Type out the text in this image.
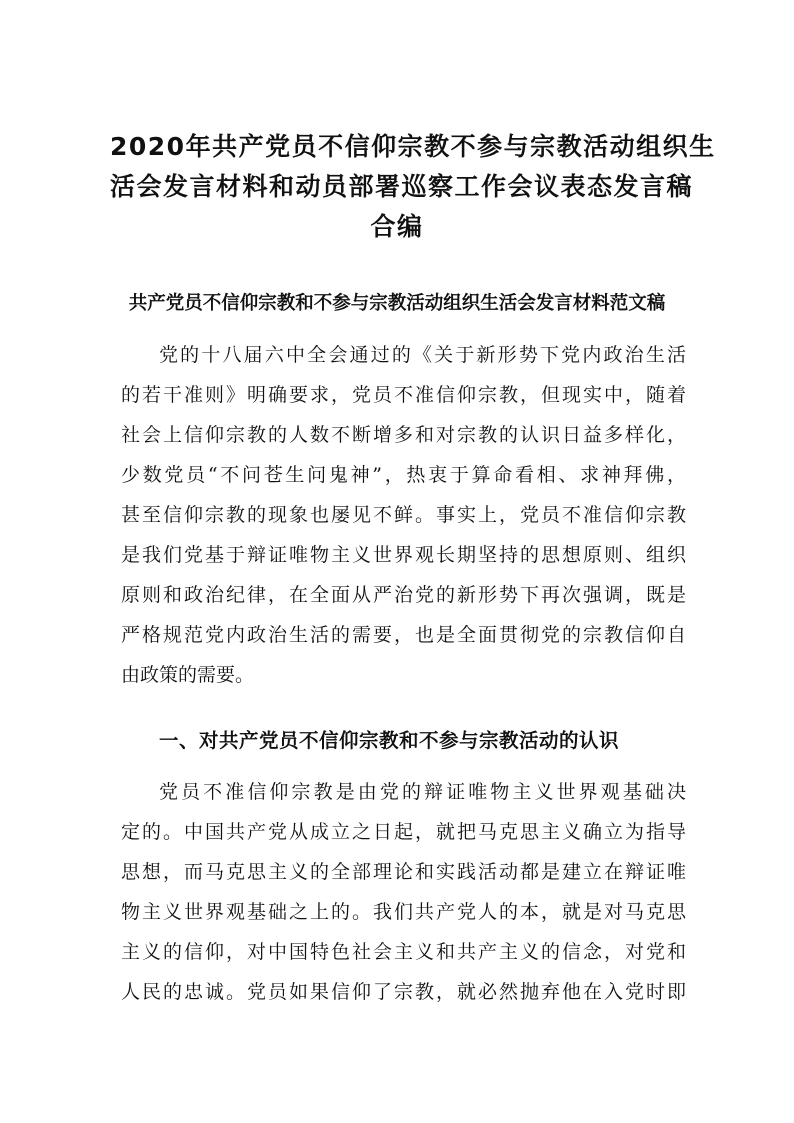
2020年共产党员不信仰宗教不参与宗教活动组织生
活会发言材料和动员部署巡察工作会议表态发言稿
合编
共产党员不信仰宗教和不参与宗教活动组织生活会发言材料范文稿
党的十八届六中全会通过的《关于新形势下党内政治生活
的若干准则》明确要求，党员不准信仰宗教，但现实中，随着
社会上信仰宗教的人数不断增多和对宗教的认识日益多样化，
少数党员“不问苍生问鬼神”，热衷于算命看相、求神拜佛，
甚至信仰宗教的现象也屡见不鲜。事实上，党员不准信仰宗教
是我们党基于辩证唯物主义世界观长期坚持的思想原则、组织
原则和政治纪律，在全面从严治党的新形势下再次强调，既是
严格规范党内政治生活的需要，也是全面贯彻党的宗教信仰自
由政策的需要。
一、对共产党员不信仰宗教和不参与宗教活动的认识
党员不准信仰宗教是由党的辩证唯物主义世界观基础决
定的。中国共产党从成立之日起，就把马克思主义确立为指导
思想，而马克思主义的全部理论和实践活动都是建立在辩证唯
物主义世界观基础之上的。我们共产党人的本，就是对马克思
主义的信仰，对中国特色社会主义和共产主义的信念，对党和
人民的忠诚。党员如果信仰了宗教，就必然抛弃他在入党时即
